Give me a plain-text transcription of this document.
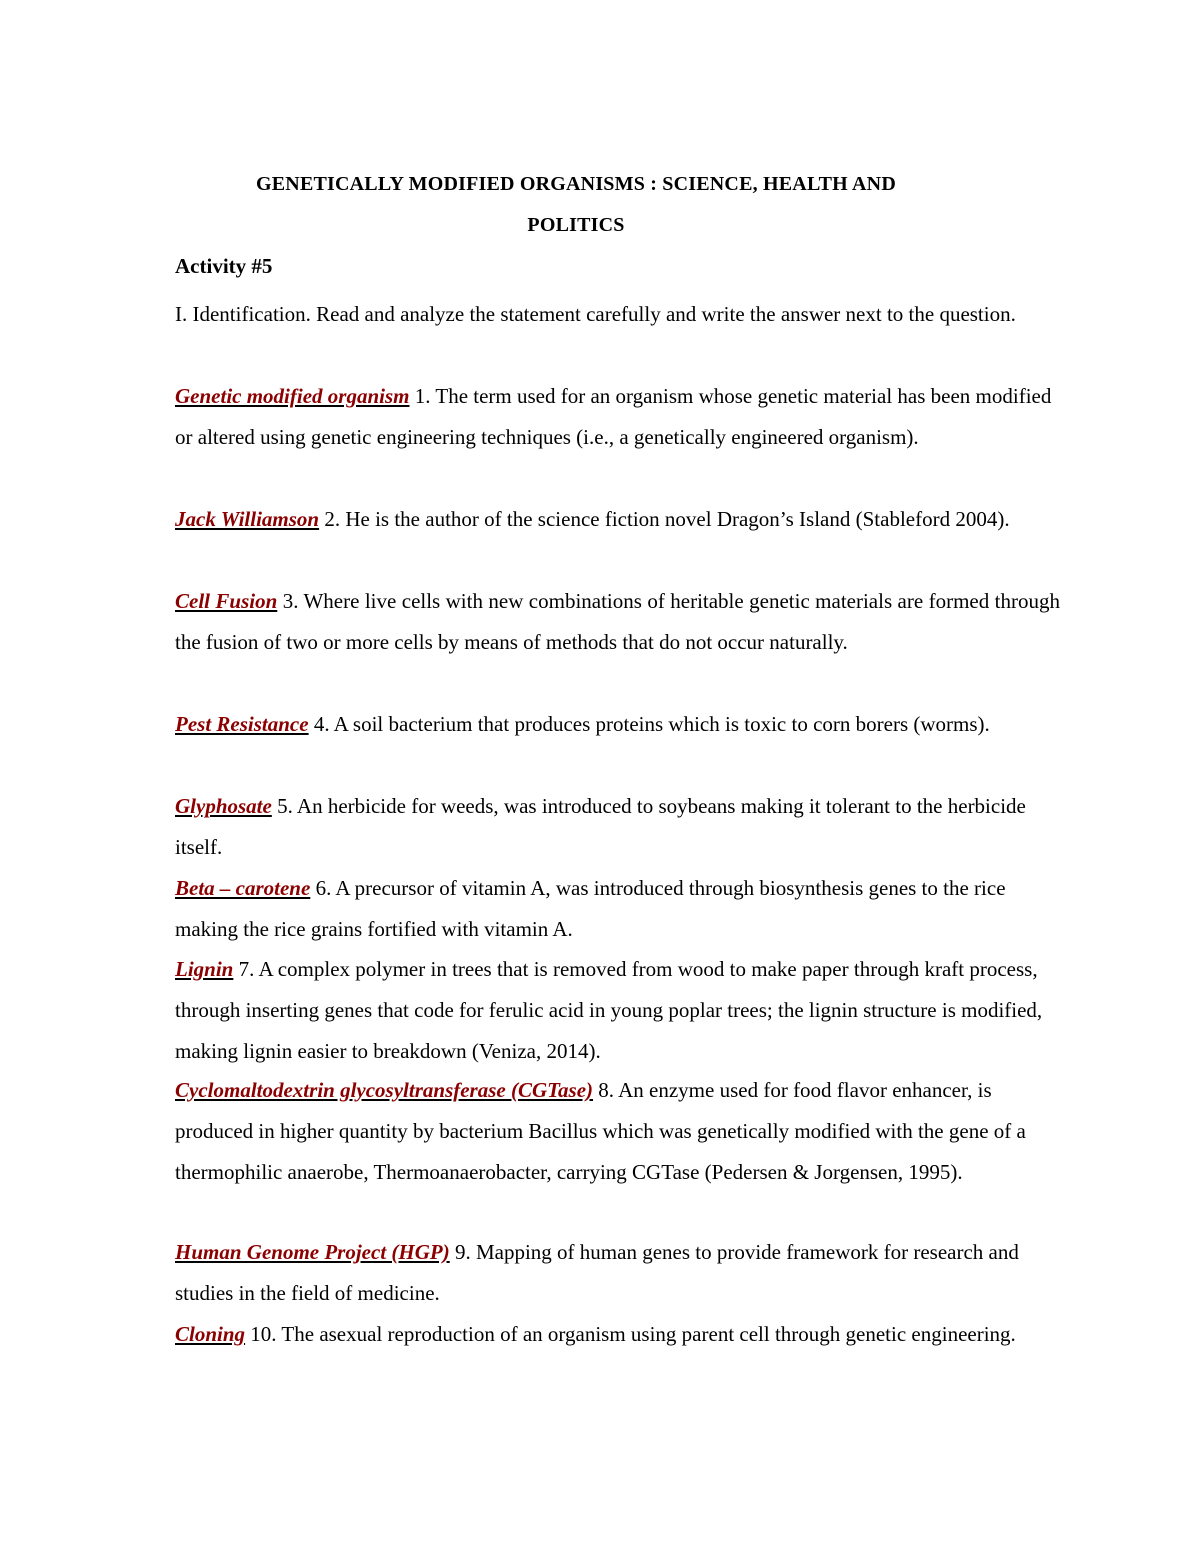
GENETICALLY MODIFIED ORGANISMS : SCIENCE, HEALTH AND
POLITICS
Activity #5
I. Identification. Read and analyze the statement carefully and write the answer next to the question.
Genetic modified organism 1. The term used for an organism whose genetic material has been modified or altered using genetic engineering techniques (i.e., a genetically engineered organism).
Jack Williamson 2. He is the author of the science fiction novel Dragon’s Island (Stableford 2004).
Cell Fusion 3. Where live cells with new combinations of heritable genetic materials are formed through the fusion of two or more cells by means of methods that do not occur naturally.
Pest Resistance 4. A soil bacterium that produces proteins which is toxic to corn borers (worms).
Glyphosate 5. An herbicide for weeds, was introduced to soybeans making it tolerant to the herbicide itself.
Beta – carotene 6. A precursor of vitamin A, was introduced through biosynthesis genes to the rice making the rice grains fortified with vitamin A.
Lignin 7. A complex polymer in trees that is removed from wood to make paper through kraft process, through inserting genes that code for ferulic acid in young poplar trees; the lignin structure is modified, making lignin easier to breakdown (Veniza, 2014).
Cyclomaltodextrin glycosyltransferase (CGTase) 8. An enzyme used for food flavor enhancer, is produced in higher quantity by bacterium Bacillus which was genetically modified with the gene of a thermophilic anaerobe, Thermoanaerobacter, carrying CGTase (Pedersen & Jorgensen, 1995).
Human Genome Project (HGP) 9. Mapping of human genes to provide framework for research and studies in the field of medicine.
Cloning 10. The asexual reproduction of an organism using parent cell through genetic engineering.
